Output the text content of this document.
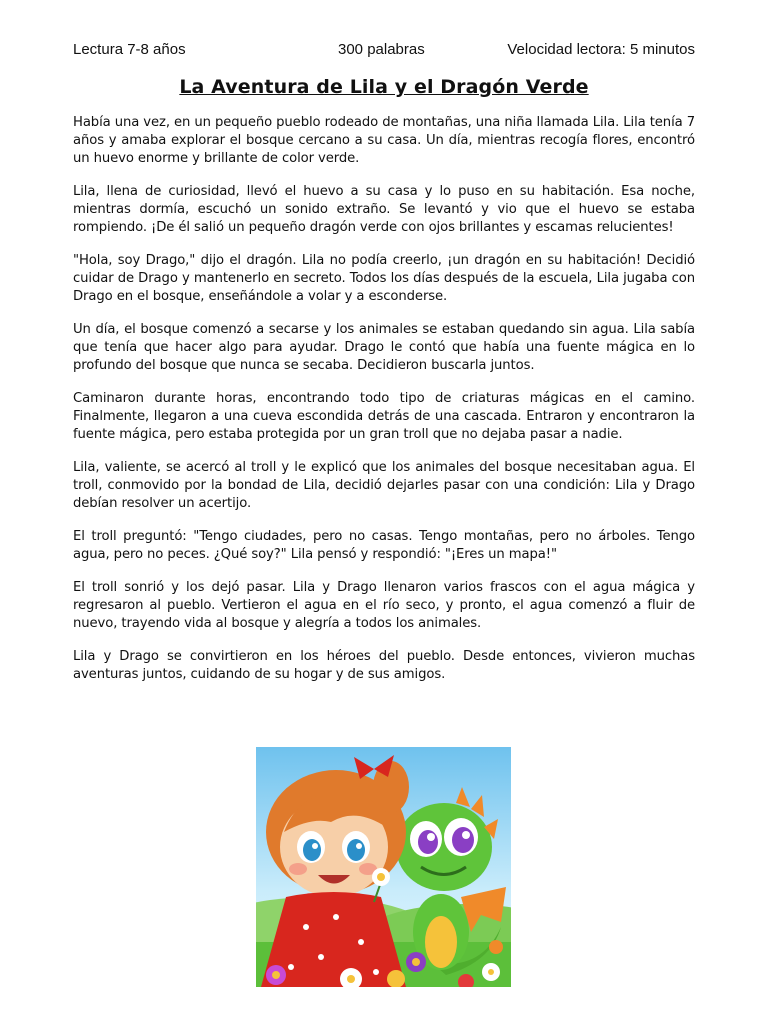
Lectura 7-8 años	300 palabras	Velocidad lectora: 5 minutos
La Aventura de Lila y el Dragón Verde

Había una vez, en un pequeño pueblo rodeado de montañas, una niña llamada Lila. Lila tenía 7 años y amaba explorar el bosque cercano a su casa. Un día, mientras recogía flores, encontró un huevo enorme y brillante de color verde.

Lila, llena de curiosidad, llevó el huevo a su casa y lo puso en su habitación. Esa noche, mientras dormía, escuchó un sonido extraño. Se levantó y vio que el huevo se estaba rompiendo. ¡De él salió un pequeño dragón verde con ojos brillantes y escamas relucientes!

"Hola, soy Drago," dijo el dragón. Lila no podía creerlo, ¡un dragón en su habitación! Decidió cuidar de Drago y mantenerlo en secreto. Todos los días después de la escuela, Lila jugaba con Drago en el bosque, enseñándole a volar y a esconderse.

Un día, el bosque comenzó a secarse y los animales se estaban quedando sin agua. Lila sabía que tenía que hacer algo para ayudar. Drago le contó que había una fuente mágica en lo profundo del bosque que nunca se secaba. Decidieron buscarla juntos.

Caminaron durante horas, encontrando todo tipo de criaturas mágicas en el camino. Finalmente, llegaron a una cueva escondida detrás de una cascada. Entraron y encontraron la fuente mágica, pero estaba protegida por un gran troll que no dejaba pasar a nadie.

Lila, valiente, se acercó al troll y le explicó que los animales del bosque necesitaban agua. El troll, conmovido por la bondad de Lila, decidió dejarles pasar con una condición: Lila y Drago debían resolver un acertijo.

El troll preguntó: "Tengo ciudades, pero no casas. Tengo montañas, pero no árboles. Tengo agua, pero no peces. ¿Qué soy?" Lila pensó y respondió: "¡Eres un mapa!"

El troll sonrió y los dejó pasar. Lila y Drago llenaron varios frascos con el agua mágica y regresaron al pueblo. Vertieron el agua en el río seco, y pronto, el agua comenzó a fluir de nuevo, trayendo vida al bosque y alegría a todos los animales.

Lila y Drago se convirtieron en los héroes del pueblo. Desde entonces, vivieron muchas aventuras juntos, cuidando de su hogar y de sus amigos.
